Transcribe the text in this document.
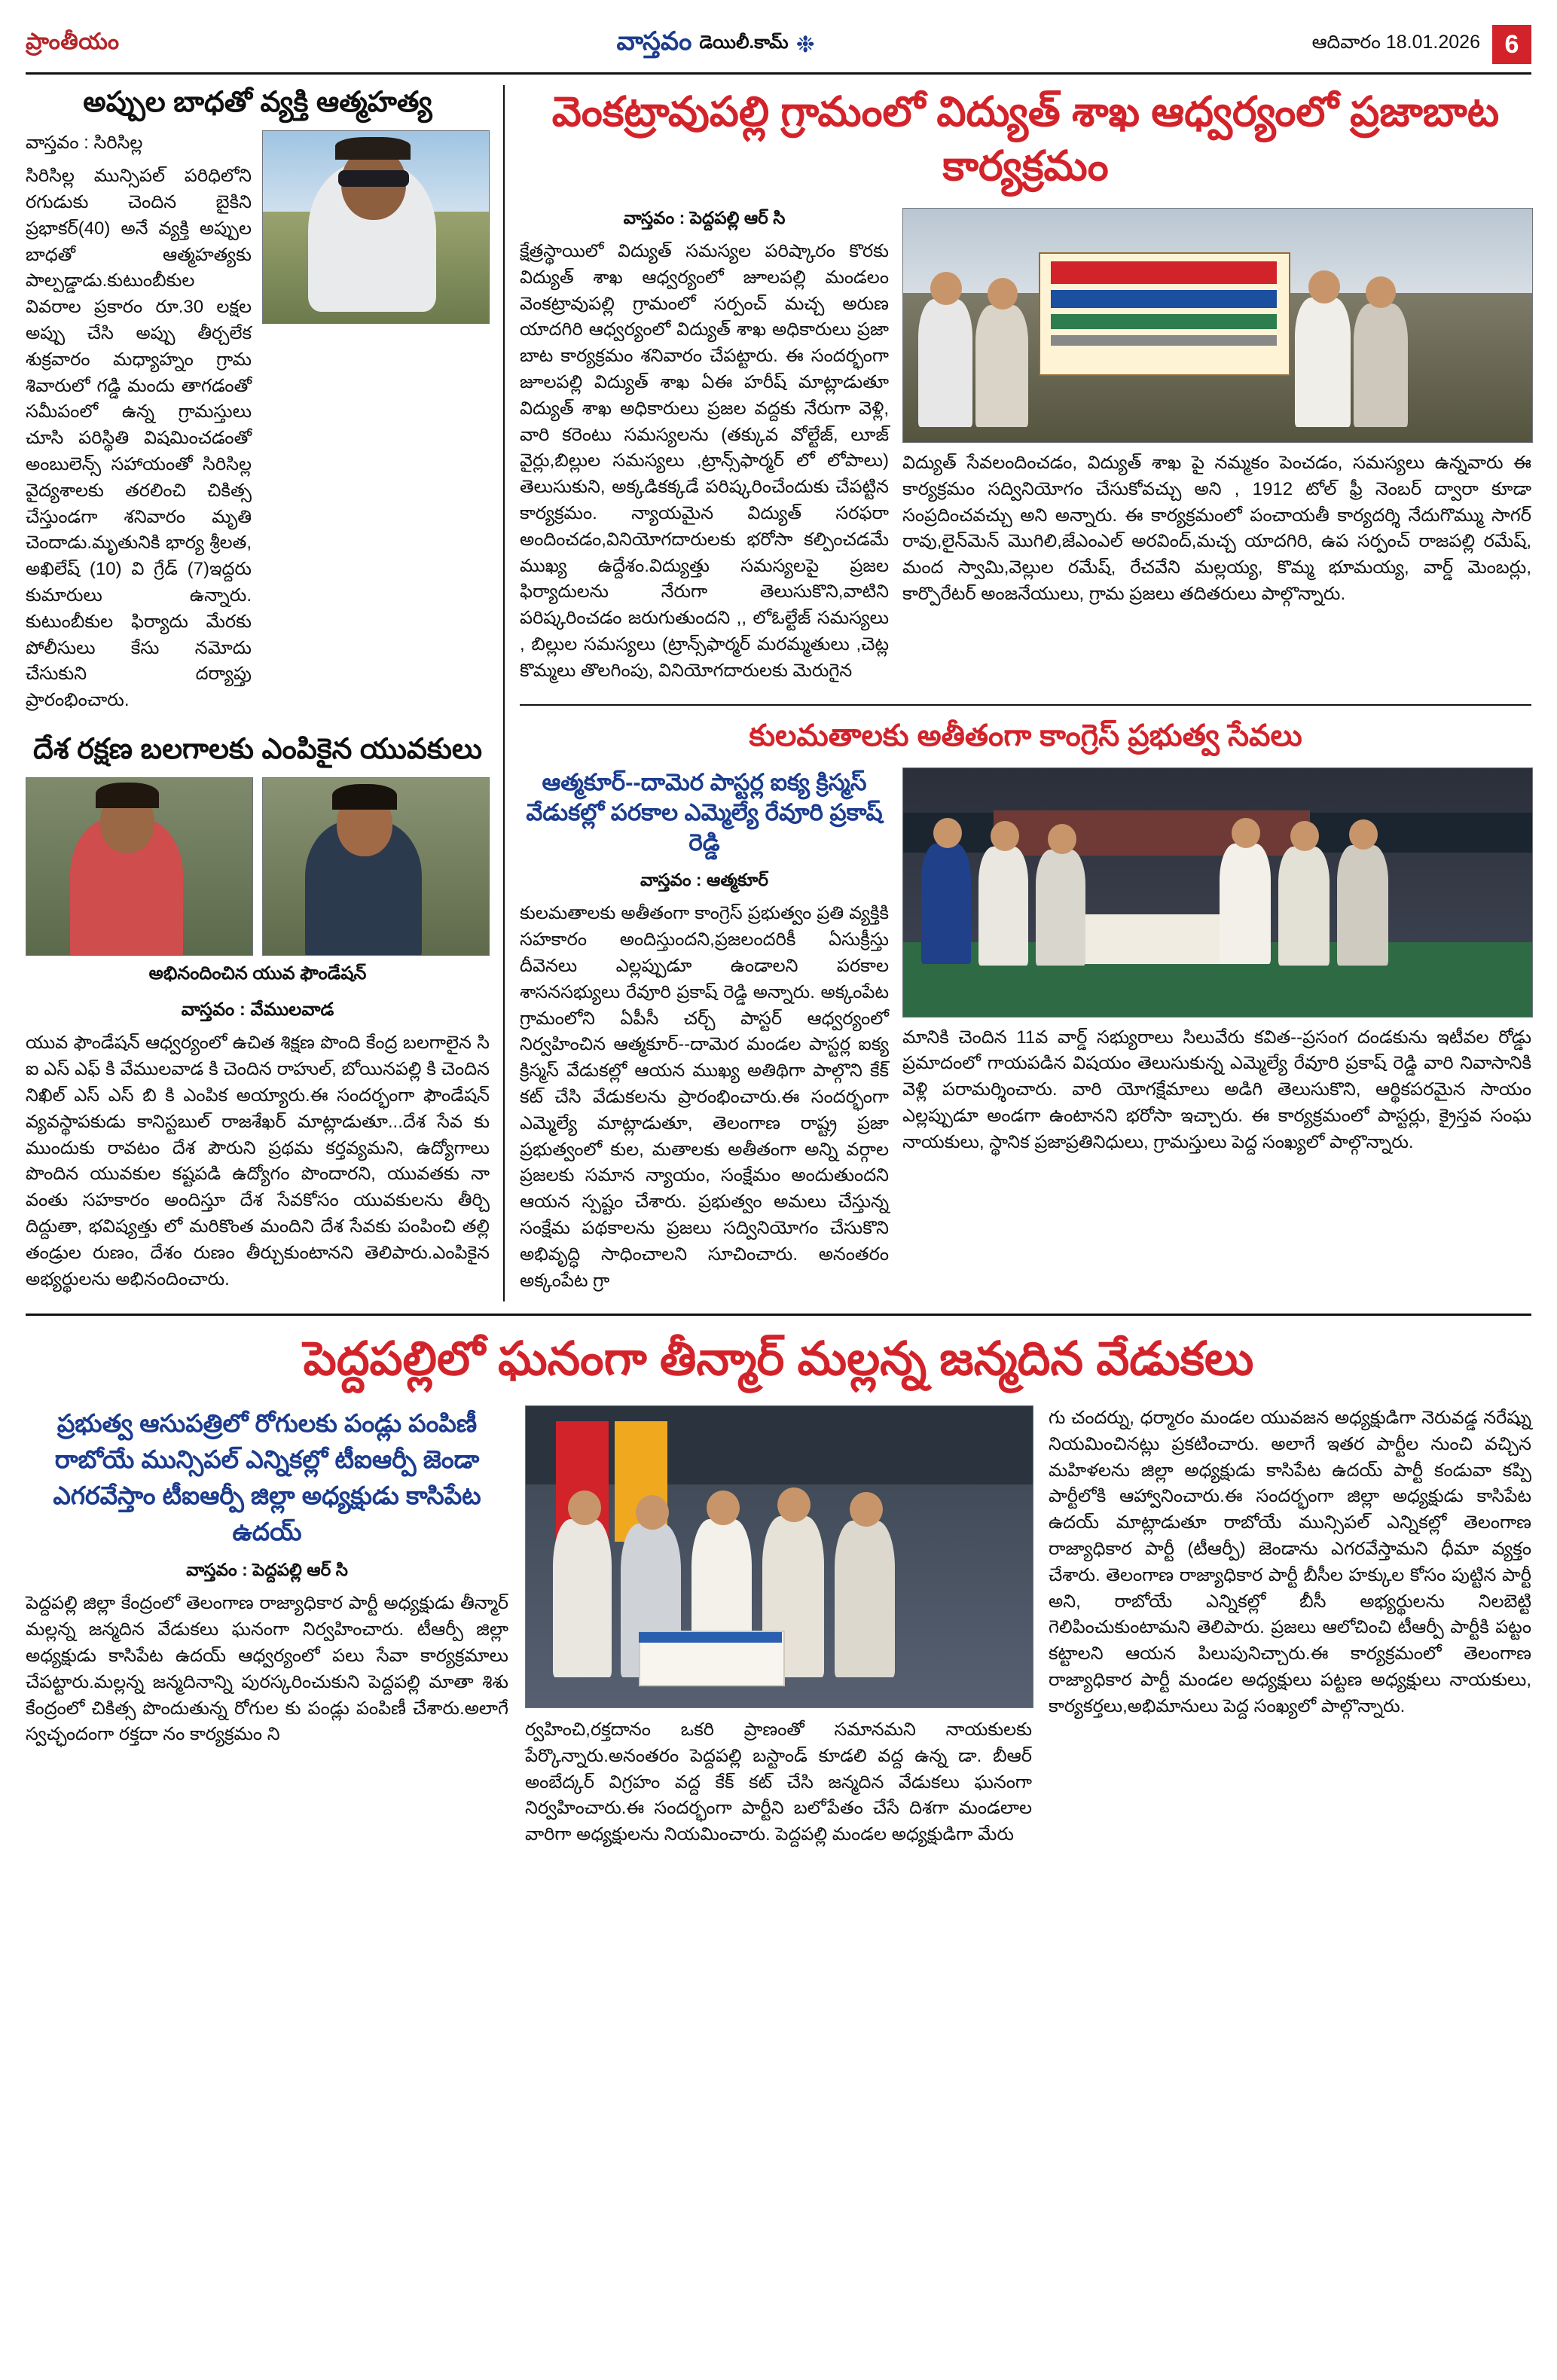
ప్రాంతీయం	వాస్తవం డెయిలీ.కామ్ ❉	ఆదివారం 18.01.2026 6
అప్పుల బాధతో వ్యక్తి ఆత్మహత్య

వాస్తవం : సిరిసిల్ల

సిరిసిల్ల మున్సిపల్ పరిధిలోని రగుడుకు చెందిన బైకిని ప్రభాకర్(40) అనే వ్యక్తి అప్పుల బాధతో ఆత్మహత్యకు పాల్పడ్డాడు.కుటుంబీకుల వివరాల ప్రకారం రూ.30 లక్షల అప్పు చేసి అప్పు తీర్చలేక శుక్రవారం మధ్యాహ్నం గ్రామ శివారులో గడ్డి మందు తాగడంతో సమీపంలో ఉన్న గ్రామస్తులు చూసి పరిస్థితి విషమించడంతో అంబులెన్స్ సహాయంతో సిరిసిల్ల వైద్యశాలకు తరలించి చికిత్స చేస్తుండగా శనివారం మృతి చెందాడు.మృతునికి భార్య శ్రీలత, అఖిలేష్ (10) వి గ్రేడ్ (7)ఇద్దరు కుమారులు ఉన్నారు. కుటుంబీకుల ఫిర్యాదు మేరకు పోలీసులు కేసు నమోదు చేసుకుని దర్యాప్తు ప్రారంభించారు.

దేశ రక్షణ బలగాలకు ఎంపికైన యువకులు
అభినందించిన యువ ఫౌండేషన్

వాస్తవం : వేములవాడ

యువ ఫౌండేషన్ ఆధ్వర్యంలో ఉచిత శిక్షణ పొంది కేంద్ర బలగాలైన సి ఐ ఎస్ ఎఫ్ కి వేములవాడ కి చెందిన రాహుల్, బోయినపల్లి కి చెందిన నిఖిల్ ఎస్ ఎస్ బి కి ఎంపిక అయ్యారు.ఈ సందర్భంగా ఫౌండేషన్ వ్యవస్థాపకుడు కానిస్టబుల్ రాజశేఖర్ మాట్లాడుతూ...దేశ సేవ కు ముందుకు రావటం దేశ పౌరుని ప్రథమ కర్తవ్యమని, ఉద్యోగాలు పొందిన యువకుల కష్టపడి ఉద్యోగం పొందారని, యువతకు నా వంతు సహకారం అందిస్తూ దేశ సేవకోసం యువకులను తీర్చి దిద్దుతా, భవిష్యత్తు లో మరికొంత మందిని దేశ సేవకు పంపించి తల్లి తండ్రుల రుణం, దేశం రుణం తీర్చుకుంటానని తెలిపారు.ఎంపికైన అభ్యర్థులను అభినందించారు.

వెంకట్రావుపల్లి గ్రామంలో విద్యుత్ శాఖ ఆధ్వర్యంలో ప్రజాబాట కార్యక్రమం

వాస్తవం : పెద్దపల్లి ఆర్ సి

క్షేత్రస్థాయిలో విద్యుత్ సమస్యల పరిష్కారం కొరకు విద్యుత్ శాఖ ఆధ్వర్యంలో జూలపల్లి మండలం వెంకట్రావుపల్లి గ్రామంలో సర్పంచ్ మచ్చ అరుణ యాదగిరి ఆధ్వర్యంలో విద్యుత్ శాఖ అధికారులు ప్రజా బాట కార్యక్రమం శనివారం చేపట్టారు. ఈ సందర్భంగా జూలపల్లి విద్యుత్ శాఖ ఏఈ హరీష్ మాట్లాడుతూ విద్యుత్ శాఖ అధికారులు ప్రజల వద్దకు నేరుగా వెళ్లి, వారి కరెంటు సమస్యలను (తక్కువ వోల్టేజ్, లూజ్ వైర్లు,బిల్లుల సమస్యలు ,ట్రాన్స్‌ఫార్మర్ లో లోపాలు) తెలుసుకుని, అక్కడికక్కడే పరిష్కరించేందుకు చేపట్టిన కార్యక్రమం. న్యాయమైన విద్యుత్ సరఫరా అందించడం,వినియోగదారులకు భరోసా కల్పించడమే ముఖ్య ఉద్దేశం.విద్యుత్తు సమస్యలపై ప్రజల ఫిర్యాదులను నేరుగా తెలుసుకొని,వాటిని పరిష్కరించడం జరుగుతుందని ,, లోఓల్టేజ్ సమస్యలు , బిల్లుల సమస్యలు (ట్రాన్స్‌ఫార్మర్ మరమ్మతులు ,చెట్ల కొమ్మలు తొలగింపు, వినియోగదారులకు మెరుగైన

విద్యుత్ సేవలందించడం, విద్యుత్ శాఖ పై నమ్మకం పెంచడం, సమస్యలు ఉన్నవారు ఈ కార్యక్రమం సద్వినియోగం చేసుకోవచ్చు అని , 1912 టోల్ ఫ్రీ నెంబర్ ద్వారా కూడా సంప్రదించవచ్చు అని అన్నారు. ఈ కార్యక్రమంలో పంచాయతీ కార్యదర్శి నేదుగొమ్ము సాగర్ రావు,లైన్‌మెన్ మొగిలి,జేఎంఎల్ అరవింద్,మచ్చ యాదగిరి, ఉప సర్పంచ్ రాజపల్లి రమేష్, మంద స్వామి,వెల్లుల రమేష్, రేచవేని మల్లయ్య, కొమ్మ భూమయ్య, వార్డ్ మెంబర్లు, కార్పొరేటర్ అంజనేయులు, గ్రామ ప్రజలు తదితరులు పాల్గొన్నారు.

కులమతాలకు అతీతంగా కాంగ్రెస్ ప్రభుత్వ సేవలు
ఆత్మకూర్--దామెర పాస్టర్ల ఐక్య క్రిస్మస్ వేడుకల్లో పరకాల ఎమ్మెల్యే రేవూరి ప్రకాష్ రెడ్డి

వాస్తవం : ఆత్మకూర్

కులమతాలకు అతీతంగా కాంగ్రెస్ ప్రభుత్వం ప్రతి వ్యక్తికి సహకారం అందిస్తుందని,ప్రజలందరికీ ఏసుక్రీస్తు దీవెనలు ఎల్లప్పుడూ ఉండాలని పరకాల శాసనసభ్యులు రేవూరి ప్రకాష్ రెడ్డి అన్నారు. అక్కంపేట గ్రామంలోని ఏపీసీ చర్చ్ పాస్టర్ ఆధ్వర్యంలో నిర్వహించిన ఆత్మకూర్--దామెర మండల పాస్టర్ల ఐక్య క్రిస్మస్ వేడుకల్లో ఆయన ముఖ్య అతిథిగా పాల్గొని కేక్ కట్ చేసి వేడుకలను ప్రారంభించారు.ఈ సందర్భంగా ఎమ్మెల్యే మాట్లాడుతూ, తెలంగాణ రాష్ట్ర ప్రజా ప్రభుత్వంలో కుల, మతాలకు అతీతంగా అన్ని వర్గాల ప్రజలకు సమాన న్యాయం, సంక్షేమం అందుతుందని ఆయన స్పష్టం చేశారు. ప్రభుత్వం అమలు చేస్తున్న సంక్షేమ పథకాలను ప్రజలు సద్వినియోగం చేసుకొని అభివృద్ధి సాధించాలని సూచించారు. అనంతరం అక్కంపేట గ్రా

మానికి చెందిన 11వ వార్డ్ సభ్యురాలు సిలువేరు కవిత--ప్రసంగ దండకును ఇటీవల రోడ్డు ప్రమాదంలో గాయపడిన విషయం తెలుసుకున్న ఎమ్మెల్యే రేవూరి ప్రకాష్ రెడ్డి వారి నివాసానికి వెళ్లి పరామర్శించారు. వారి యోగక్షేమాలు అడిగి తెలుసుకొని, ఆర్థికపరమైన సాయం ఎల్లప్పుడూ అండగా ఉంటానని భరోసా ఇచ్చారు. ఈ కార్యక్రమంలో పాస్టర్లు, క్రైస్తవ సంఘ నాయకులు, స్థానిక ప్రజాప్రతినిధులు, గ్రామస్తులు పెద్ద సంఖ్యలో పాల్గొన్నారు.

పెద్దపల్లిలో ఘనంగా తీన్మార్ మల్లన్న జన్మదిన వేడుకలు
ప్రభుత్వ ఆసుపత్రిలో రోగులకు పండ్లు పంపిణీ రాబోయే మున్సిపల్ ఎన్నికల్లో టీఐఆర్పీ జెండా ఎగరవేస్తాం టీఐఆర్పీ జిల్లా అధ్యక్షుడు కాసిపేట ఉదయ్

వాస్తవం : పెద్దపల్లి ఆర్ సి

పెద్దపల్లి జిల్లా కేంద్రంలో తెలంగాణ రాజ్యాధికార పార్టీ అధ్యక్షుడు తీన్మార్ మల్లన్న జన్మదిన వేడుకలు ఘనంగా నిర్వహించారు. టీఆర్పీ జిల్లా అధ్యక్షుడు కాసిపేట ఉదయ్ ఆధ్వర్యంలో పలు సేవా కార్యక్రమాలు చేపట్టారు.మల్లన్న జన్మదినాన్ని పురస్కరించుకుని పెద్దపల్లి మాతా శిశు కేంద్రంలో చికిత్స పొందుతున్న రోగుల కు పండ్లు పంపిణీ చేశారు.అలాగే స్వచ్ఛందంగా రక్తదా నం కార్యక్రమం ని	ర్వహించి,రక్తదానం ఒకరి ప్రాణంతో సమానమని నాయకులకు పేర్కొన్నారు.అనంతరం పెద్దపల్లి బస్టాండ్ కూడలి వద్ద ఉన్న డా. బీఆర్ అంబేద్కర్ విగ్రహం వద్ద కేక్ కట్ చేసి జన్మదిన వేడుకలు ఘనంగా నిర్వహించారు.ఈ సందర్భంగా పార్టీని బలోపేతం చేసే దిశగా మండలాల వారిగా అధ్యక్షులను నియమించారు. పెద్దపల్లి మండల అధ్యక్షుడిగా మేరు

గు చందర్ను, ధర్మారం మండల యువజన అధ్యక్షుడిగా నెరువడ్డ నరేష్ను నియమించినట్లు ప్రకటించారు. అలాగే ఇతర పార్టీల నుంచి వచ్చిన మహిళలను జిల్లా అధ్యక్షుడు కాసిపేట ఉదయ్ పార్టీ కండువా కప్పి పార్టీలోకి ఆహ్వానించారు.ఈ సందర్భంగా జిల్లా అధ్యక్షుడు కాసిపేట ఉదయ్ మాట్లాడుతూ రాబోయే మున్సిపల్ ఎన్నికల్లో తెలంగాణ రాజ్యాధికార పార్టీ (టీఆర్పీ) జెండాను ఎగరవేస్తామని ధీమా వ్యక్తం చేశారు. తెలంగాణ రాజ్యాధికార పార్టీ బీసీల హక్కుల కోసం పుట్టిన పార్టీ అని, రాబోయే ఎన్నికల్లో బీసీ అభ్యర్థులను నిలబెట్టి గెలిపించుకుంటామని తెలిపారు. ప్రజలు ఆలోచించి టీఆర్పీ పార్టీకి పట్టం కట్టాలని ఆయన పిలుపునిచ్చారు.ఈ కార్యక్రమంలో తెలంగాణ రాజ్యాధికార పార్టీ మండల అధ్యక్షులు పట్టణ అధ్యక్షులు నాయకులు, కార్యకర్తలు,అభిమానులు పెద్ద సంఖ్యలో పాల్గొన్నారు.
